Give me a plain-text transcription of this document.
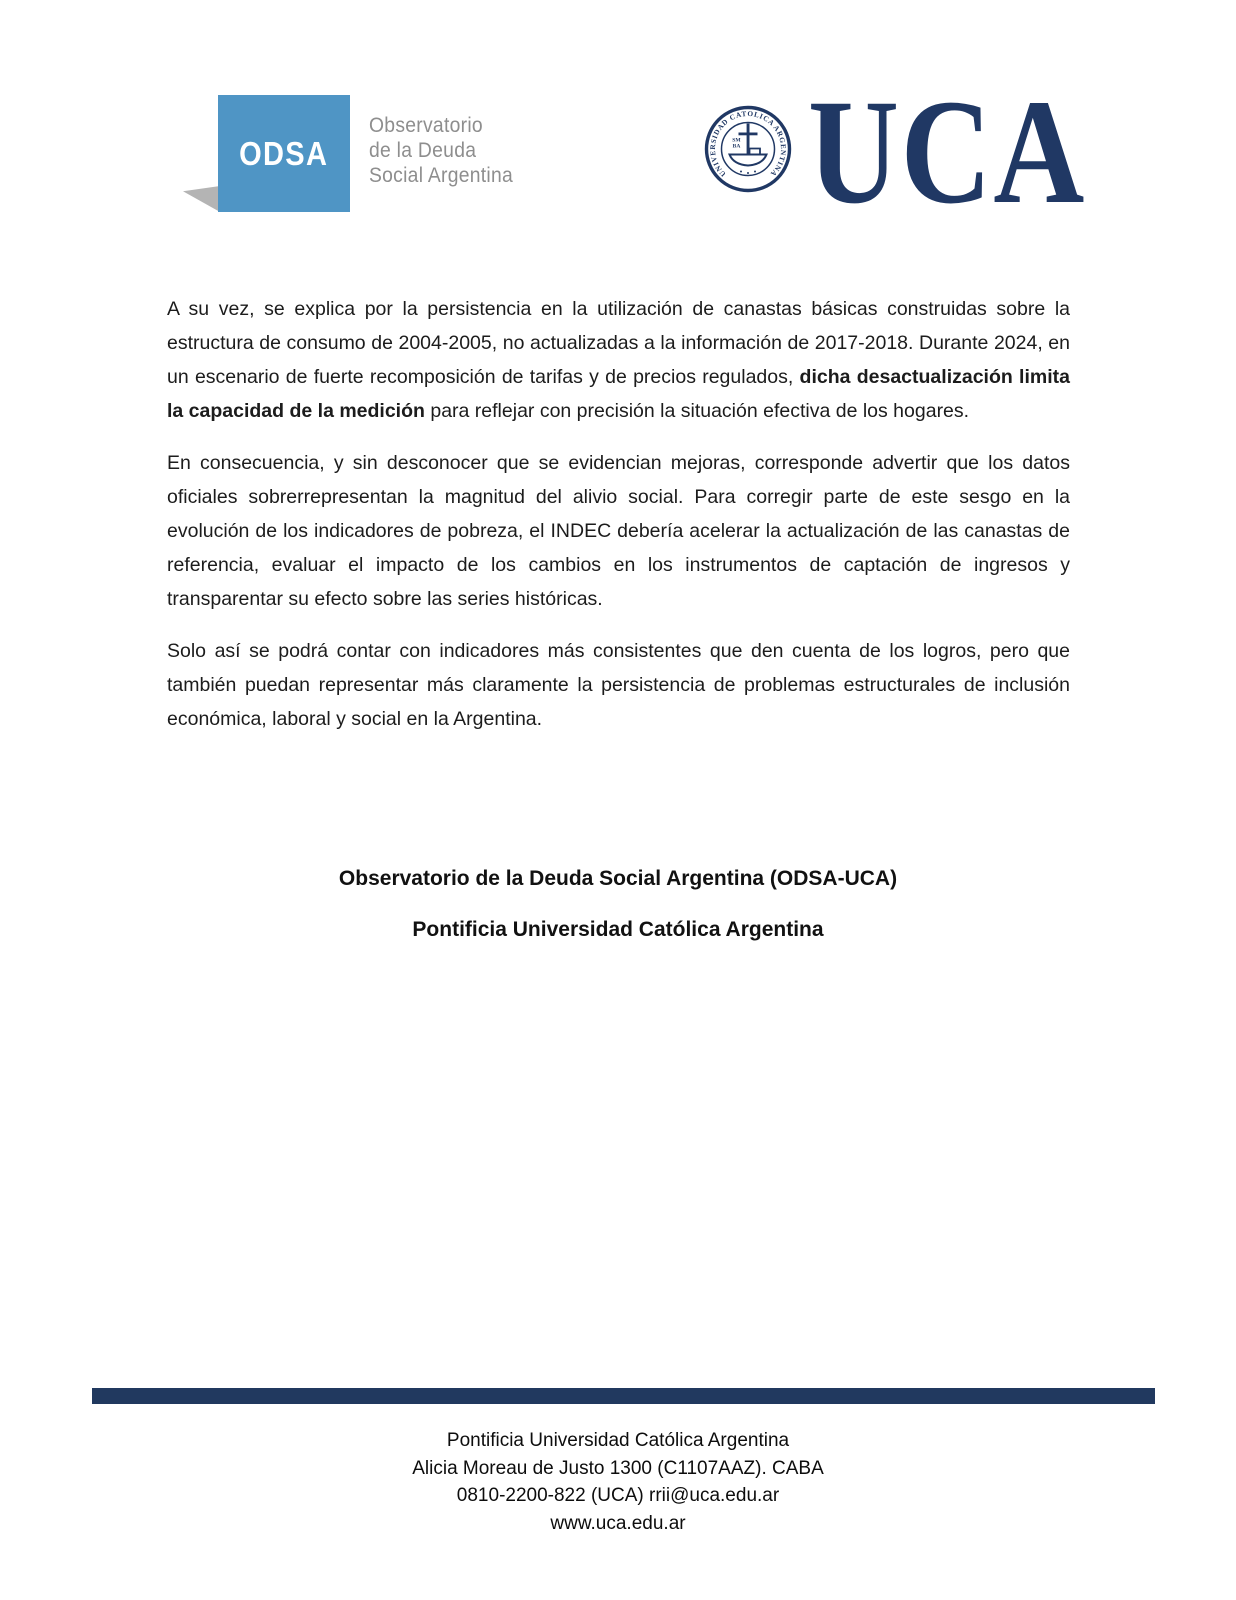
ODSA
Observatorio
de la Deuda
Social Argentina	UNIVERSIDAD CATOLICA ARGENTINA
SM
BA UCA

A su vez, se explica por la persistencia en la utilización de canastas básicas construidas sobre la estructura de consumo de 2004-2005, no actualizadas a la información de 2017-2018. Durante 2024, en un escenario de fuerte recomposición de tarifas y de precios regulados, dicha desactualización limita la capacidad de la medición para reflejar con precisión la situación efectiva de los hogares.

En consecuencia, y sin desconocer que se evidencian mejoras, corresponde advertir que los datos oficiales sobrerrepresentan la magnitud del alivio social. Para corregir parte de este sesgo en la evolución de los indicadores de pobreza, el INDEC debería acelerar la actualización de las canastas de referencia, evaluar el impacto de los cambios en los instrumentos de captación de ingresos y transparentar su efecto sobre las series históricas.

Solo así se podrá contar con indicadores más consistentes que den cuenta de los logros, pero que también puedan representar más claramente la persistencia de problemas estructurales de inclusión económica, laboral y social en la Argentina.

Observatorio de la Deuda Social Argentina (ODSA-UCA)
Pontificia Universidad Católica Argentina
Pontificia Universidad Católica Argentina
Alicia Moreau de Justo 1300 (C1107AAZ). CABA
0810-2200-822 (UCA) rrii@uca.edu.ar
www.uca.edu.ar
